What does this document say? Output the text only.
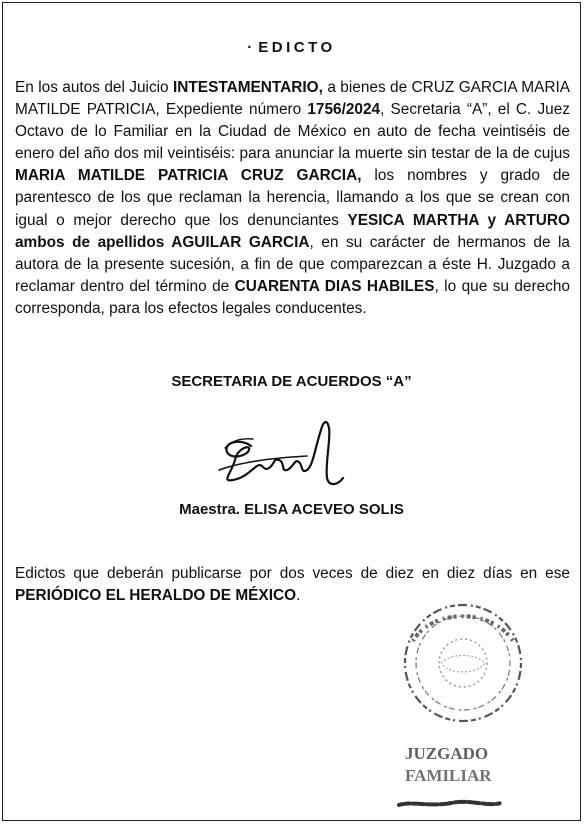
· EDICTO
En los autos del Juicio INTESTAMENTARIO, a bienes de CRUZ GARCIA MARIA MATILDE PATRICIA, Expediente número 1756/2024, Secretaria “A”, el C. Juez Octavo de lo Familiar en la Ciudad de México en auto de fecha veintiséis de enero del año dos mil veintiséis: para anunciar la muerte sin testar de la de cujus MARIA MATILDE PATRICIA CRUZ GARCIA, los nombres y grado de parentesco de los que reclaman la herencia, llamando a los que se crean con igual o mejor derecho que los denunciantes YESICA MARTHA y ARTURO ambos de apellidos AGUILAR GARCIA, en su carácter de hermanos de la autora de la presente sucesión, a fin de que comparezcan a éste H. Juzgado a reclamar dentro del término de CUARENTA DIAS HABILES, lo que su derecho corresponda, para los efectos legales conducentes.
SECRETARIA DE ACUERDOS “A”
Maestra. ELISA ACEVEO SOLIS
Edictos que deberán publicarse por dos veces de diez en diez días en ese PERIÓDICO EL HERALDO DE MÉXICO.
JUZGADO
FAMILIAR
